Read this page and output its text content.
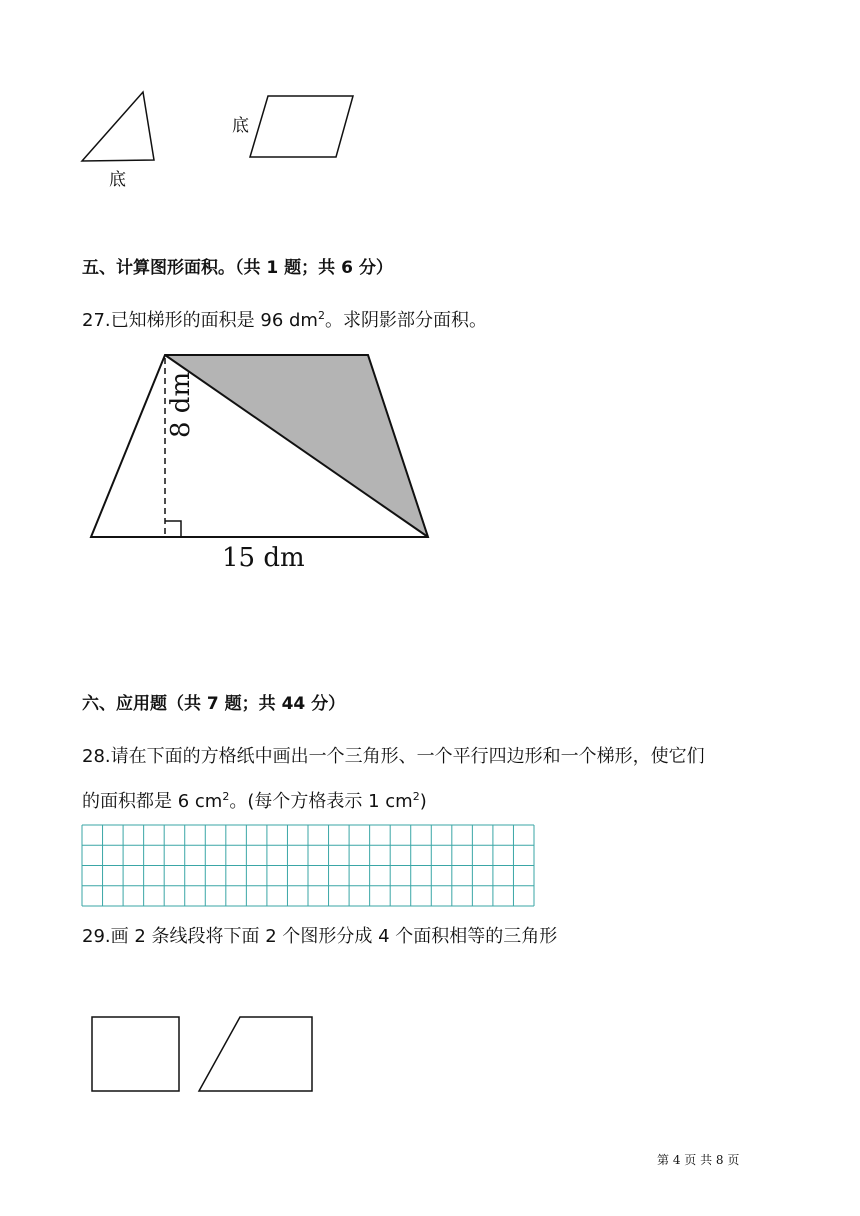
底
底
五、计算图形面积。（共 1 题；共 6 分）
27.已知梯形的面积是 96 $dm^2$。求阴影部分面积。
8 dm
15 dm
六、应用题（共 7 题；共 44 分）
28.请在下面的方格纸中画出一个三角形、一个平行四边形和一个梯形，使它们
的面积都是 6 $cm^2$。(每个方格表示 1 $cm^2$)
29.画 2 条线段将下面 2 个图形分成 4 个面积相等的三角形
第 4 页 共 8 页
